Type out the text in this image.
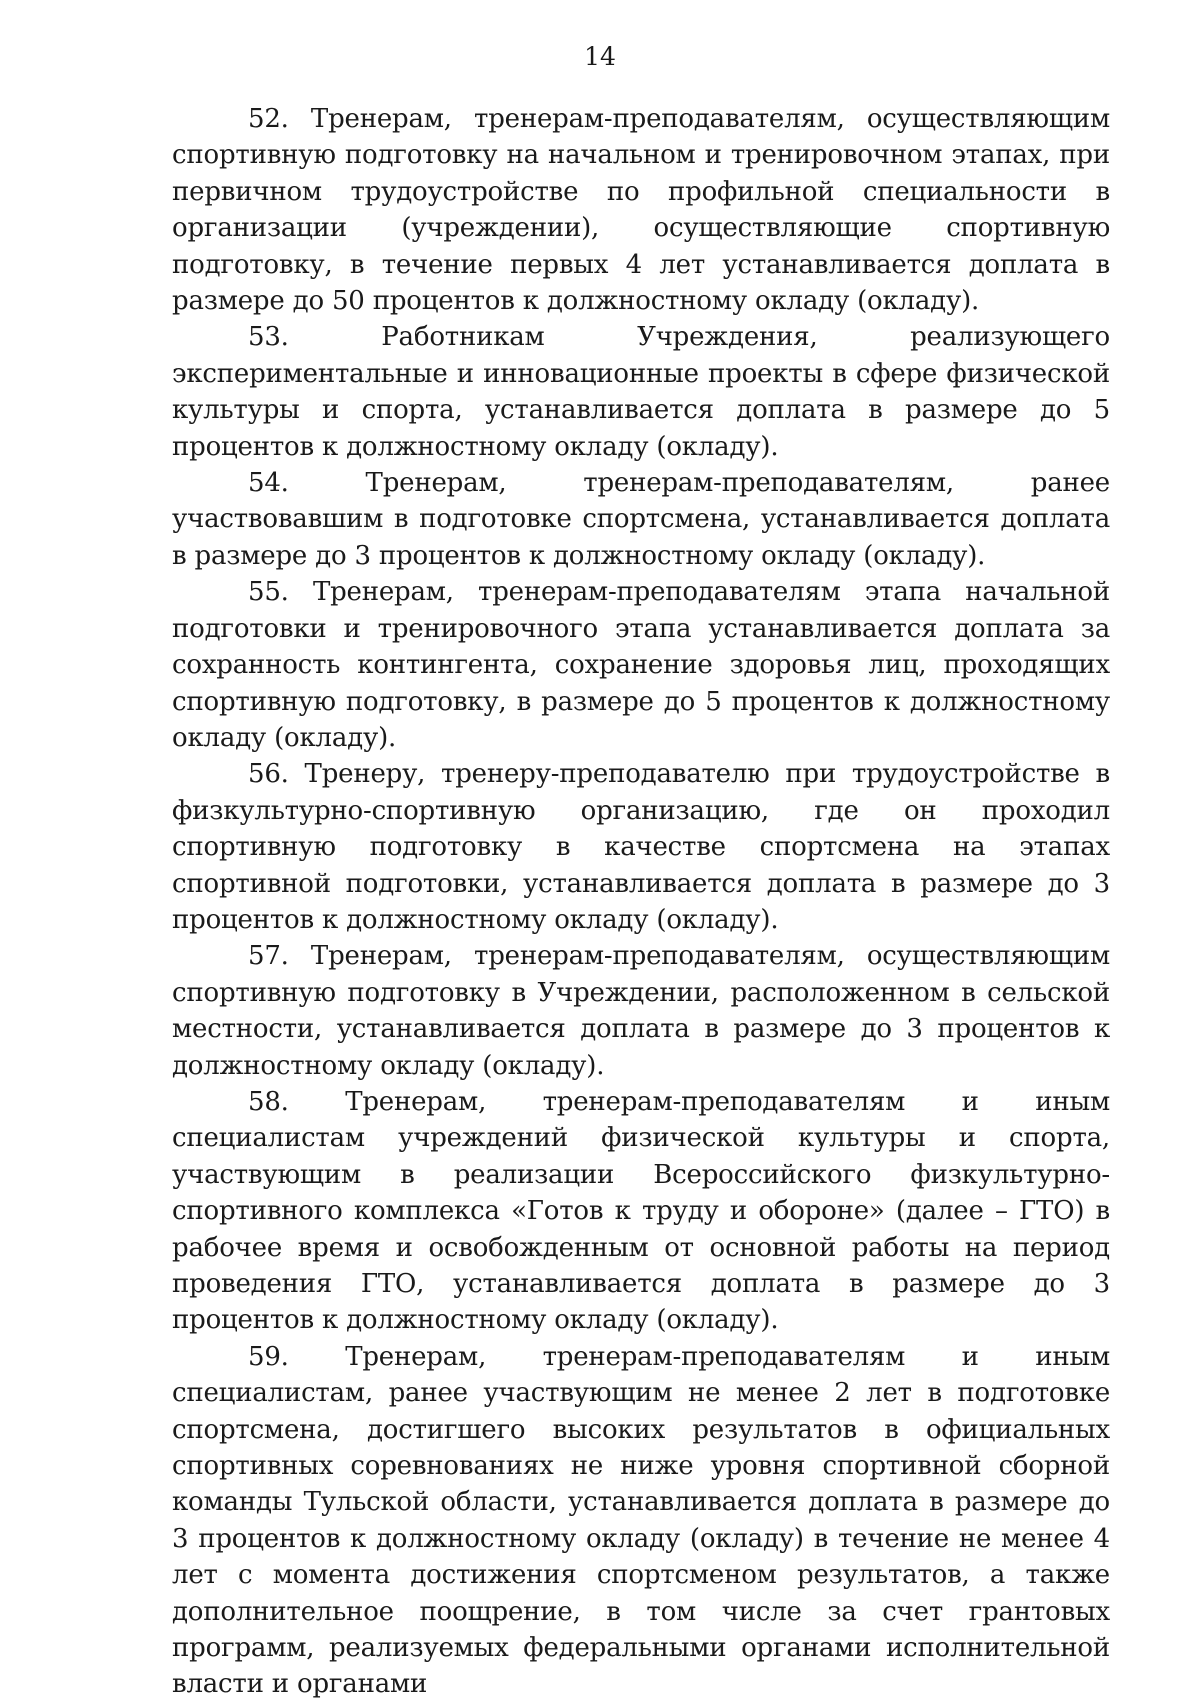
14

52. Тренерам, тренерам-преподавателям, осуществляющим спортивную подготовку на начальном и тренировочном этапах, при первичном трудоустройстве по профильной специальности в организации (учреждении), осуществляющие спортивную подготовку, в течение первых 4 лет устанавливается доплата в размере до 50 процентов к должностному окладу (окладу).

53. Работникам Учреждения, реализующего экспериментальные и инновационные проекты в сфере физической культуры и спорта, устанавливается доплата в размере до 5 процентов к должностному окладу (окладу).

54. Тренерам, тренерам-преподавателям, ранее участвовавшим в подготовке спортсмена, устанавливается доплата в размере до 3 процентов к должностному окладу (окладу).

55. Тренерам, тренерам-преподавателям этапа начальной подготовки и тренировочного этапа устанавливается доплата за сохранность контингента, сохранение здоровья лиц, проходящих спортивную подготовку, в размере до 5 процентов к должностному окладу (окладу).

56. Тренеру, тренеру-преподавателю при трудоустройстве в физкультурно-спортивную организацию, где он проходил спортивную подготовку в качестве спортсмена на этапах спортивной подготовки, устанавливается доплата в размере до 3 процентов к должностному окладу (окладу).

57. Тренерам, тренерам-преподавателям, осуществляющим спортивную подготовку в Учреждении, расположенном в сельской местности, устанавливается доплата в размере до 3 процентов к должностному окладу (окладу).

58. Тренерам, тренерам-преподавателям и иным специалистам учреждений физической культуры и спорта, участвующим в реализации Всероссийского физкультурно-спортивного комплекса «Готов к труду и обороне» (далее – ГТО) в рабочее время и освобожденным от основной работы на период проведения ГТО, устанавливается доплата в размере до 3 процентов к должностному окладу (окладу).

59. Тренерам, тренерам-преподавателям и иным специалистам, ранее участвующим не менее 2 лет в подготовке спортсмена, достигшего высоких результатов в официальных спортивных соревнованиях не ниже уровня спортивной сборной команды Тульской области, устанавливается доплата в размере до 3 процентов к должностному окладу (окладу) в течение не менее 4 лет с момента достижения спортсменом результатов, а также дополнительное поощрение, в том числе за счет грантовых программ, реализуемых федеральными органами исполнительной власти и органами
